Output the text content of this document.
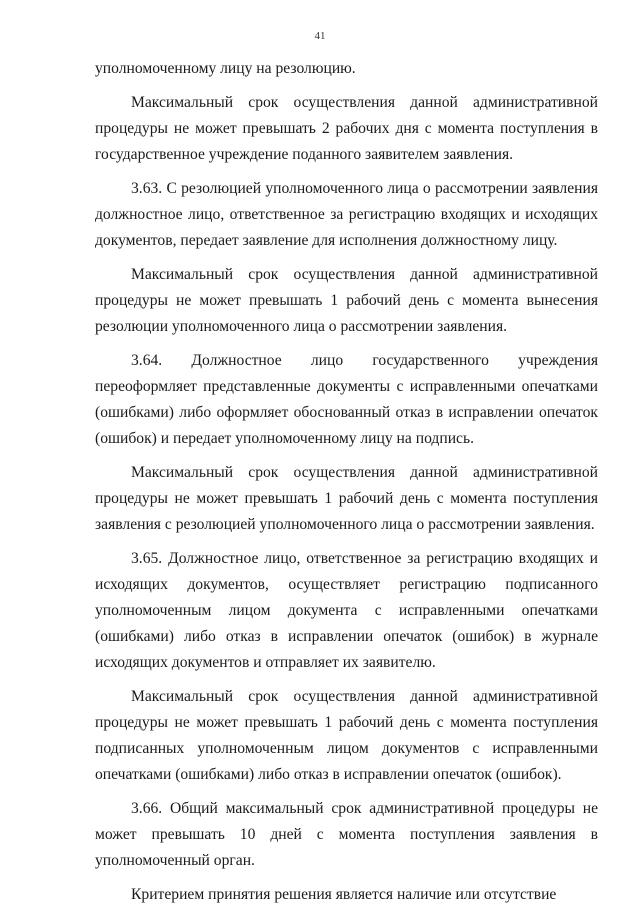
41

уполномоченному лицу на резолюцию.

Максимальный срок осуществления данной административной процедуры не может превышать 2 рабочих дня с момента поступления в государственное учреждение поданного заявителем заявления.

3.63. С резолюцией уполномоченного лица о рассмотрении заявления должностное лицо, ответственное за регистрацию входящих и исходящих документов, передает заявление для исполнения должностному лицу.

Максимальный срок осуществления данной административной процедуры не может превышать 1 рабочий день с момента вынесения резолюции уполномоченного лица о рассмотрении заявления.

3.64. Должностное лицо государственного учреждения переоформляет представленные документы с исправленными опечатками (ошибками) либо оформляет обоснованный отказ в исправлении опечаток (ошибок) и передает уполномоченному лицу на подпись.

Максимальный срок осуществления данной административной процедуры не может превышать 1 рабочий день с момента поступления заявления с резолюцией уполномоченного лица о рассмотрении заявления.

3.65. Должностное лицо, ответственное за регистрацию входящих и исходящих документов, осуществляет регистрацию подписанного уполномоченным лицом документа с исправленными опечатками (ошибками) либо отказ в исправлении опечаток (ошибок) в журнале исходящих документов и отправляет их заявителю.

Максимальный срок осуществления данной административной процедуры не может превышать 1 рабочий день с момента поступления подписанных уполномоченным лицом документов с исправленными опечатками (ошибками) либо отказ в исправлении опечаток (ошибок).

3.66. Общий максимальный срок административной процедуры не может превышать 10 дней с момента поступления заявления в уполномоченный орган.

Критерием принятия решения является наличие или отсутствие
